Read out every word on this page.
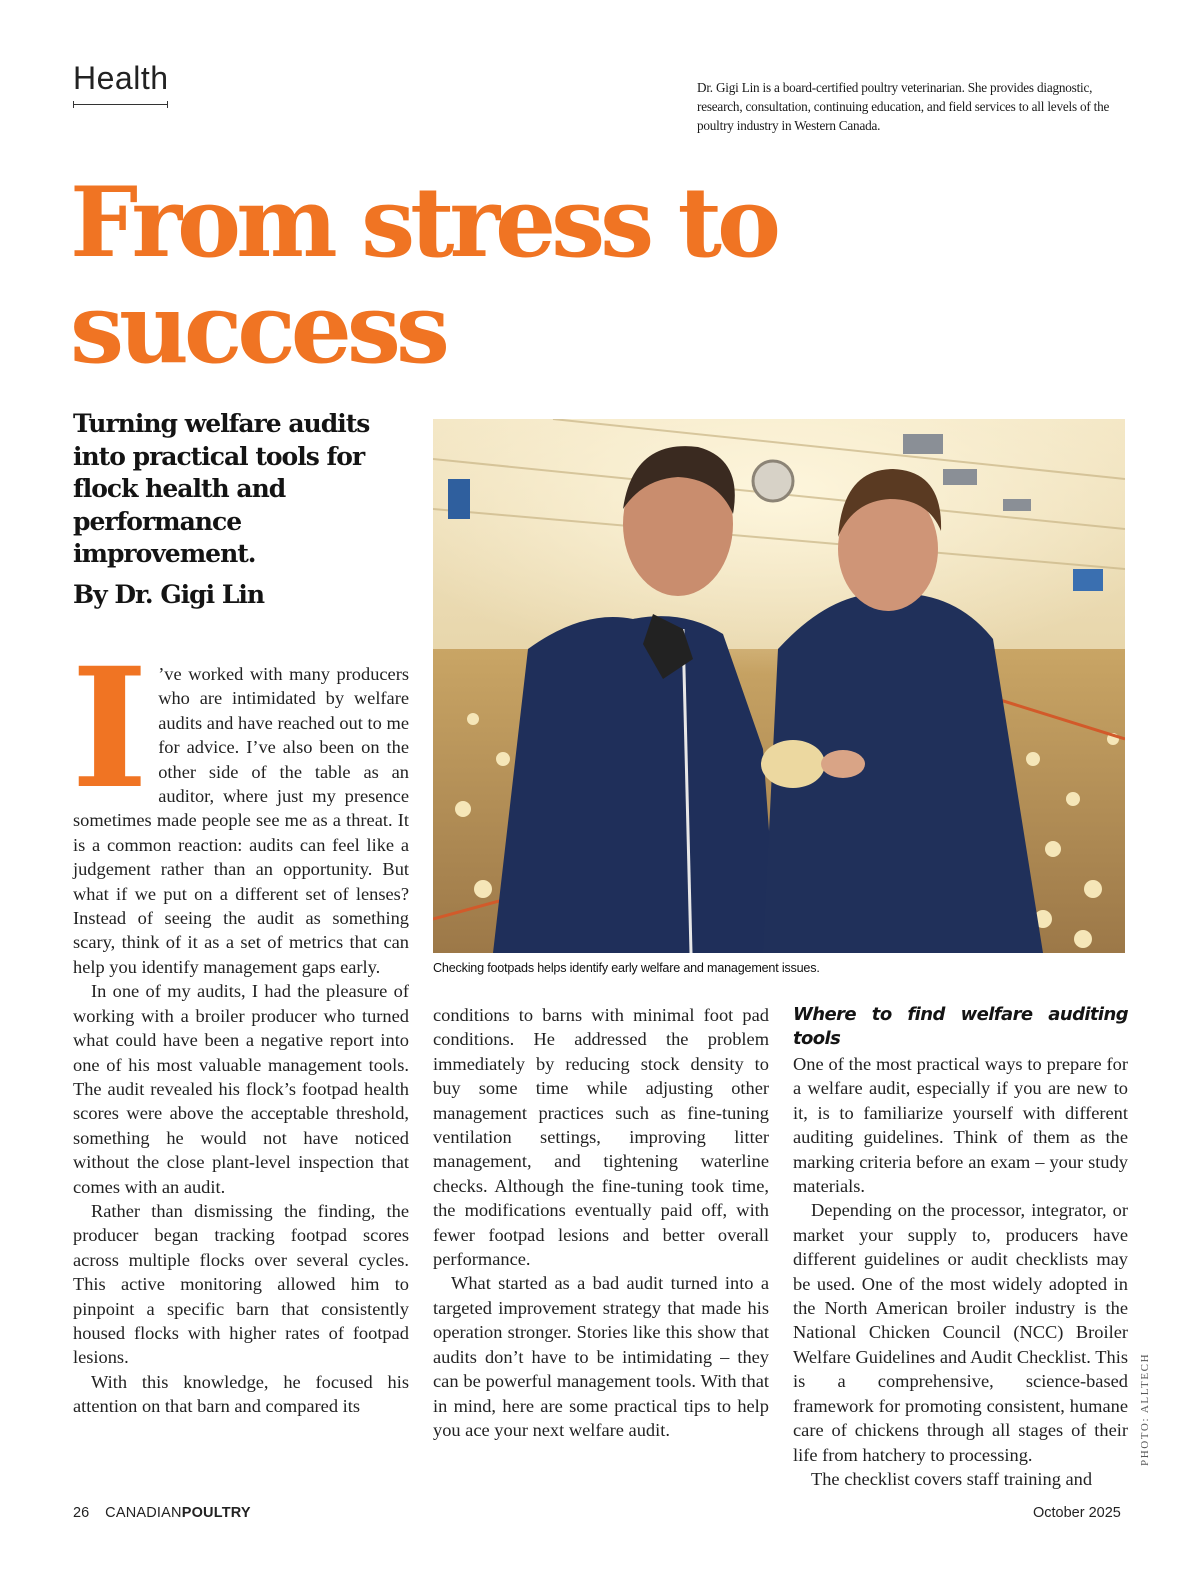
Health	Dr. Gigi Lin is a board-certified poultry veterinarian. She provides diagnostic, research, consultation, continuing education, and field services to all levels of the poultry industry in Western Canada.
From stress to
success
Turning welfare audits into practical tools for flock health and performance improvement.
By Dr. Gigi Lin
Checking footpads helps identify early welfare and management issues.
PHOTO: ALLTECH

I ’ve worked with many producers who are intimidated by welfare audits and have reached out to me for advice. I’ve also been on the other side of the table as an auditor, where just my presence sometimes made people see me as a threat. It is a common reaction: audits can feel like a judgement rather than an opportunity. But what if we put on a different set of lenses? Instead of seeing the audit as something scary, think of it as a set of metrics that can help you identify management gaps early.

In one of my audits, I had the pleasure of working with a broiler producer who turned what could have been a negative report into one of his most valuable management tools. The audit revealed his flock’s footpad health scores were above the acceptable threshold, something he would not have noticed without the close plant-level inspection that comes with an audit.

Rather than dismissing the finding, the producer began tracking footpad scores across multiple flocks over several cycles. This active monitoring allowed him to pinpoint a specific barn that consistently housed flocks with higher rates of footpad lesions.

With this knowledge, he focused his attention on that barn and compared its

conditions to barns with minimal foot pad conditions. He addressed the problem immediately by reducing stock density to buy some time while adjusting other management practices such as fine-tuning ventilation settings, improving litter management, and tightening waterline checks. Although the fine-tuning took time, the modifications eventually paid off, with fewer footpad lesions and better overall performance.

What started as a bad audit turned into a targeted improvement strategy that made his operation stronger. Stories like this show that audits don’t have to be intimidating – they can be powerful management tools. With that in mind, here are some practical tips to help you ace your next welfare audit.

Where to find welfare auditing tools

One of the most practical ways to prepare for a welfare audit, especially if you are new to it, is to familiarize yourself with different auditing guidelines. Think of them as the marking criteria before an exam – your study materials.

Depending on the processor, integrator, or market your supply to, producers have different guidelines or audit checklists may be used. One of the most widely adopted in the North American broiler industry is the National Chicken Council (NCC) Broiler Welfare Guidelines and Audit Checklist. This is a comprehensive, science-based framework for promoting consistent, humane care of chickens through all stages of their life from hatchery to processing.

The checklist covers staff training and

26 CANADIANPOULTRY	October 2025
